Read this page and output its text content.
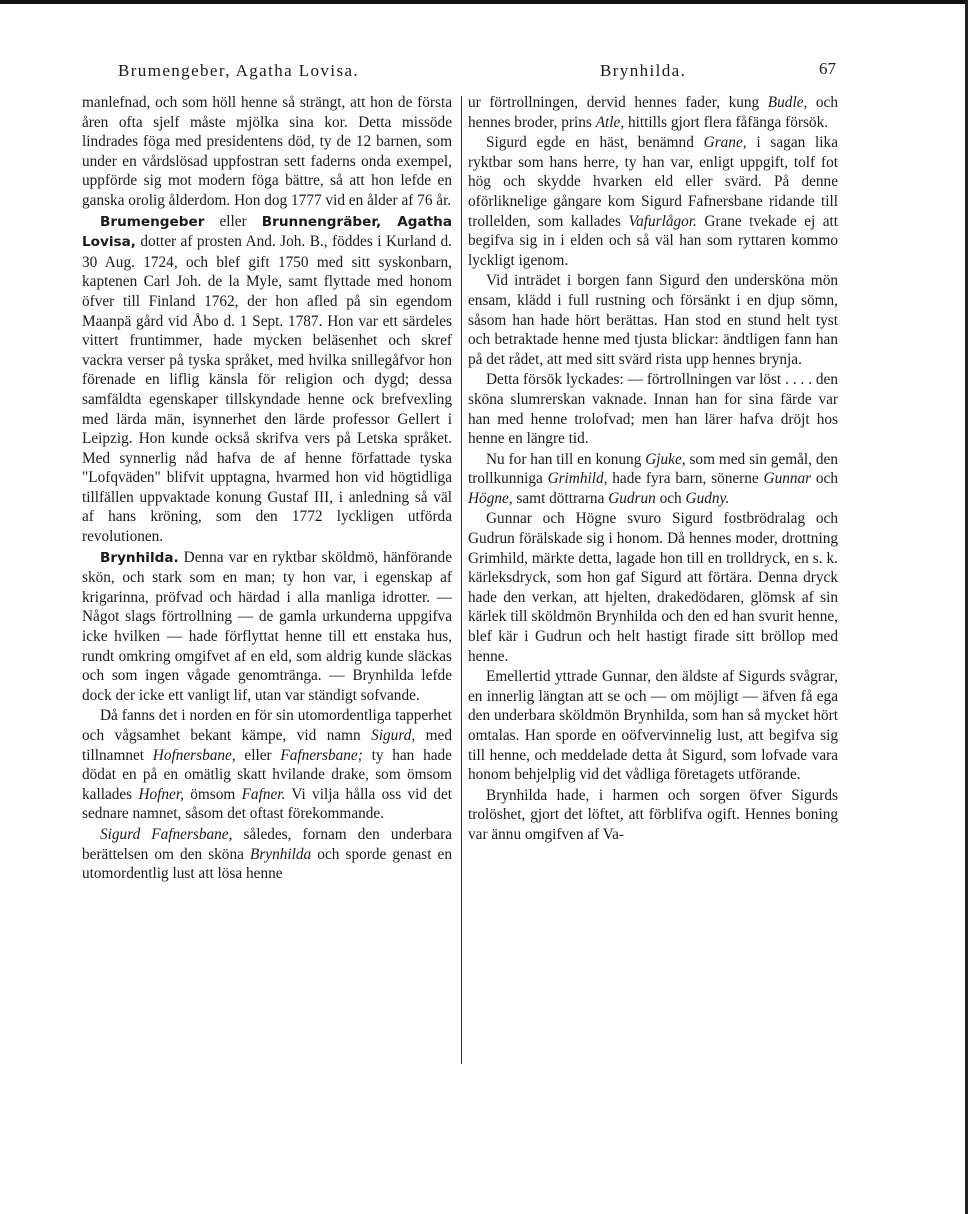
Brumengeber, Agatha Lovisa.	Brynhilda.	67

manlefnad, och som höll henne så strängt, att hon de första åren ofta sjelf måste mjölka sina kor. Detta missöde lindrades föga med presidentens död, ty de 12 barnen, som under en vårdslösad uppfostran sett faderns onda exempel, uppförde sig mot modern föga bättre, så att hon lefde en ganska orolig ålderdom. Hon dog 1777 vid en ålder af 76 år.

Brumengeber eller Brunnengräber, Agatha Lovisa, dotter af prosten And. Joh. B., föddes i Kurland d. 30 Aug. 1724, och blef gift 1750 med sitt syskonbarn, kaptenen Carl Joh. de la Myle, samt flyttade med honom öfver till Finland 1762, der hon afled på sin egendom Maanpä gård vid Åbo d. 1 Sept. 1787. Hon var ett särdeles vittert fruntimmer, hade mycken beläsenhet och skref vackra verser på tyska språket, med hvilka snillegåfvor hon förenade en liflig känsla för religion och dygd; dessa samfäldta egenskaper tillskyndade henne ock brefvexling med lärda män, isynnerhet den lärde professor Gellert i Leipzig. Hon kunde också skrifva vers på Letska språket. Med synnerlig nåd hafva de af henne författade tyska "Lofqväden" blifvit upptagna, hvarmed hon vid högtidliga tillfällen uppvaktade konung Gustaf III, i anledning så väl af hans kröning, som den 1772 lyckligen utförda revolutionen.

Brynhilda. Denna var en ryktbar sköldmö, hänförande skön, och stark som en man; ty hon var, i egenskap af krigarinna, pröfvad och härdad i alla manliga idrotter. — Något slags förtrollning — de gamla urkunderna uppgifva icke hvilken — hade förflyttat henne till ett enstaka hus, rundt omkring omgifvet af en eld, som aldrig kunde släckas och som ingen vågade genomtränga. — Brynhilda lefde dock der icke ett vanligt lif, utan var ständigt sofvande.

Då fanns det i norden en för sin utomordentliga tapperhet och vågsamhet bekant kämpe, vid namn Sigurd, med tillnamnet Hofnersbane, eller Fafnersbane; ty han hade dödat en på en omätlig skatt hvilande drake, som ömsom kallades Hofner, ömsom Fafner. Vi vilja hålla oss vid det sednare namnet, såsom det oftast förekommande.

Sigurd Fafnersbane, således, fornam den underbara berättelsen om den sköna Brynhilda och sporde genast en utomordentlig lust att lösa henne

ur förtrollningen, dervid hennes fader, kung Budle, och hennes broder, prins Atle, hittills gjort flera fåfänga försök.

Sigurd egde en häst, benämnd Grane, i sagan lika ryktbar som hans herre, ty han var, enligt uppgift, tolf fot hög och skydde hvarken eld eller svärd. På denne oförliknelige gångare kom Sigurd Fafnersbane ridande till trollelden, som kallades Vafurlågor. Grane tvekade ej att begifva sig in i elden och så väl han som ryttaren kommo lyckligt igenom.

Vid inträdet i borgen fann Sigurd den undersköna mön ensam, klädd i full rustning och försänkt i en djup sömn, såsom han hade hört berättas. Han stod en stund helt tyst och betraktade henne med tjusta blickar: ändtligen fann han på det rådet, att med sitt svärd rista upp hennes brynja.

Detta försök lyckades: — förtrollningen var löst . . . . den sköna slumrerskan vaknade. Innan han for sina färde var han med henne trolofvad; men han lärer hafva dröjt hos henne en längre tid.

Nu for han till en konung Gjuke, som med sin gemål, den trollkunniga Grimhild, hade fyra barn, sönerne Gunnar och Högne, samt döttrarna Gudrun och Gudny.

Gunnar och Högne svuro Sigurd fostbrödralag och Gudrun förälskade sig i honom. Då hennes moder, drottning Grimhild, märkte detta, lagade hon till en trolldryck, en s. k. kärleksdryck, som hon gaf Sigurd att förtära. Denna dryck hade den verkan, att hjelten, drakedödaren, glömsk af sin kärlek till sköldmön Brynhilda och den ed han svurit henne, blef kär i Gudrun och helt hastigt firade sitt bröllop med henne.

Emellertid yttrade Gunnar, den äldste af Sigurds svågrar, en innerlig längtan att se och — om möjligt — äfven få ega den underbara sköldmön Brynhilda, som han så mycket hört omtalas. Han sporde en oöfvervinnelig lust, att begifva sig till henne, och meddelade detta åt Sigurd, som lofvade vara honom behjelplig vid det vådliga företagets utförande.

Brynhilda hade, i harmen och sorgen öfver Sigurds trolöshet, gjort det löftet, att förblifva ogift. Hennes boning var ännu omgifven af Va-
